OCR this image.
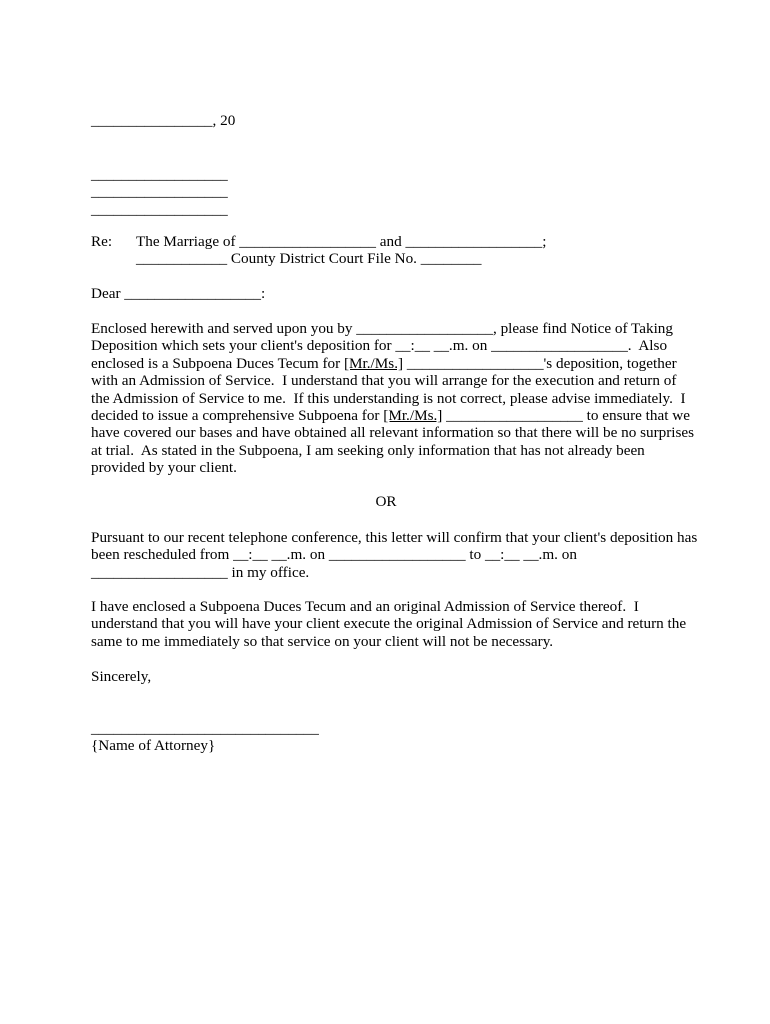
________________, 20
__________________
__________________
__________________
Re: The Marriage of __________________ and __________________;
____________ County District Court File No. ________
Dear __________________:
Enclosed herewith and served upon you by __________________, please find Notice of Taking
Deposition which sets your client's deposition for __:__ __.m. on __________________.  Also
enclosed is a Subpoena Duces Tecum for [Mr./Ms.] __________________'s deposition, together
with an Admission of Service.  I understand that you will arrange for the execution and return of
the Admission of Service to me.  If this understanding is not correct, please advise immediately.  I
decided to issue a comprehensive Subpoena for [Mr./Ms.] __________________ to ensure that we
have covered our bases and have obtained all relevant information so that there will be no surprises
at trial.  As stated in the Subpoena, I am seeking only information that has not already been
provided by your client.
OR
Pursuant to our recent telephone conference, this letter will confirm that your client's deposition has
been rescheduled from __:__ __.m. on __________________ to __:__ __.m. on
__________________ in my office.
I have enclosed a Subpoena Duces Tecum and an original Admission of Service thereof.  I
understand that you will have your client execute the original Admission of Service and return the
same to me immediately so that service on your client will not be necessary.
Sincerely,
______________________________
{Name of Attorney}
